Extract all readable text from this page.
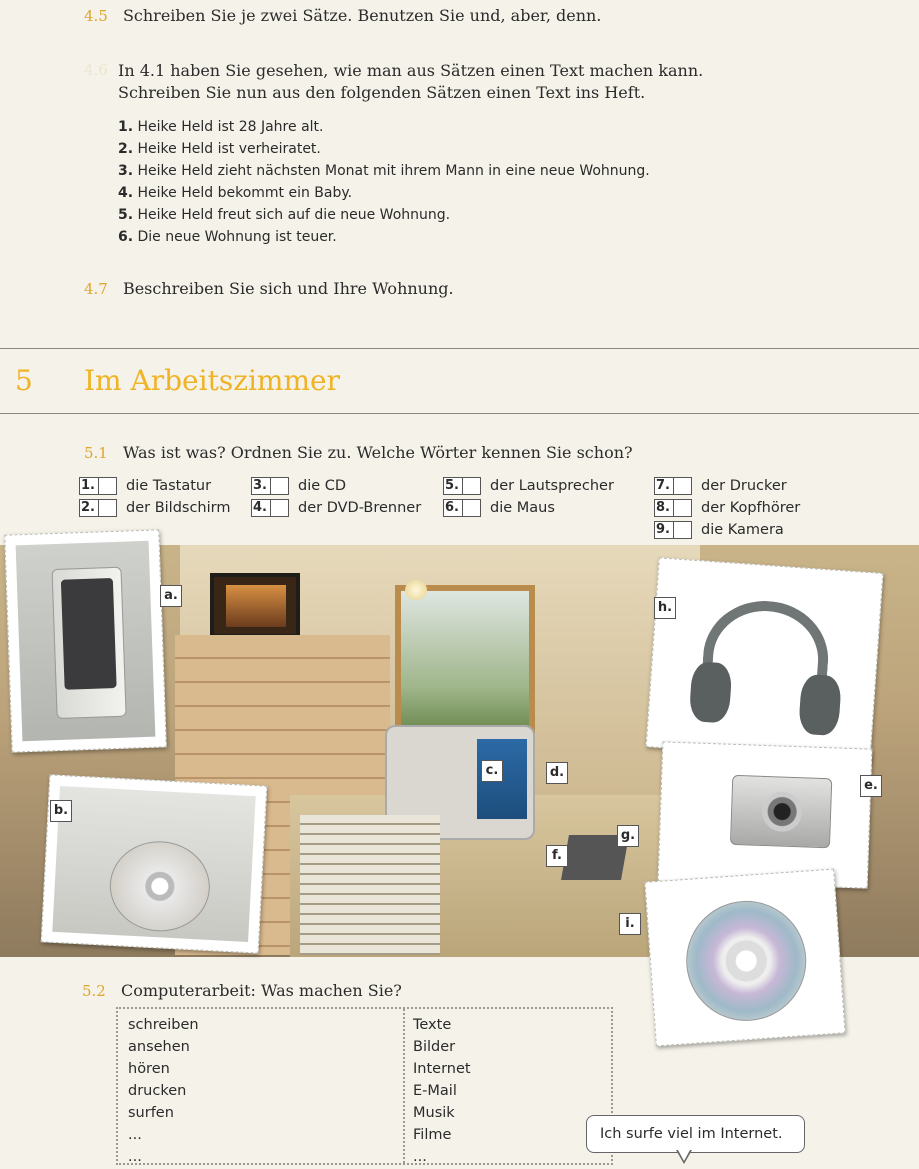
4.5 Schreiben Sie je zwei Sätze. Benutzen Sie und, aber, denn.
4.6 In 4.1 haben Sie gesehen, wie man aus Sätzen einen Text machen kann.
Schreiben Sie nun aus den folgenden Sätzen einen Text ins Heft.
1. Heike Held ist 28 Jahre alt.
2. Heike Held ist verheiratet.
3. Heike Held zieht nächsten Monat mit ihrem Mann in eine neue Wohnung.
4. Heike Held bekommt ein Baby.
5. Heike Held freut sich auf die neue Wohnung.
6. Die neue Wohnung ist teuer.
4.7 Beschreiben Sie sich und Ihre Wohnung.
5 Im Arbeitszimmer
5.1 Was ist was? Ordnen Sie zu. Welche Wörter kennen Sie schon?
1. die Tastatur
2. der Bildschirm
3. die CD
4. der DVD-Brenner
5. der Lautsprecher
6. die Maus
7. der Drucker
8. der Kopfhörer
9. die Kamera
a.
b.
c.	d.
e.
f.
g.
h.
i.
5.2 Computerarbeit: Was machen Sie?
schreiben
ansehen
hören
drucken
surfen
...
...
Texte
Bilder
Internet
E-Mail
Musik
Filme
...
Ich surfe viel im Internet.
